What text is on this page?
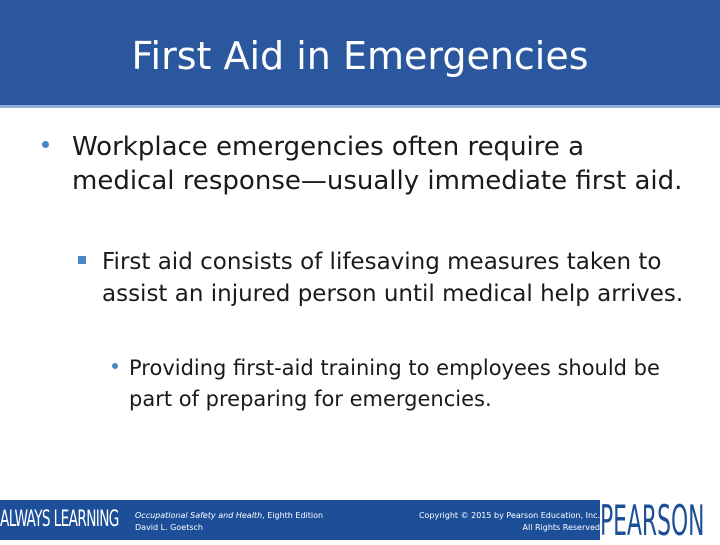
First Aid in Emergencies
Workplace emergencies often require a medical response—usually immediate first aid.
First aid consists of lifesaving measures taken to assist an injured person until medical help arrives.
Providing first-aid training to employees should be part of preparing for emergencies.
ALWAYS LEARNING Occupational Safety and Health, Eighth Edition
David L. Goetsch
Copyright © 2015 by Pearson Education, Inc.
All Rights Reserved PEARSON
